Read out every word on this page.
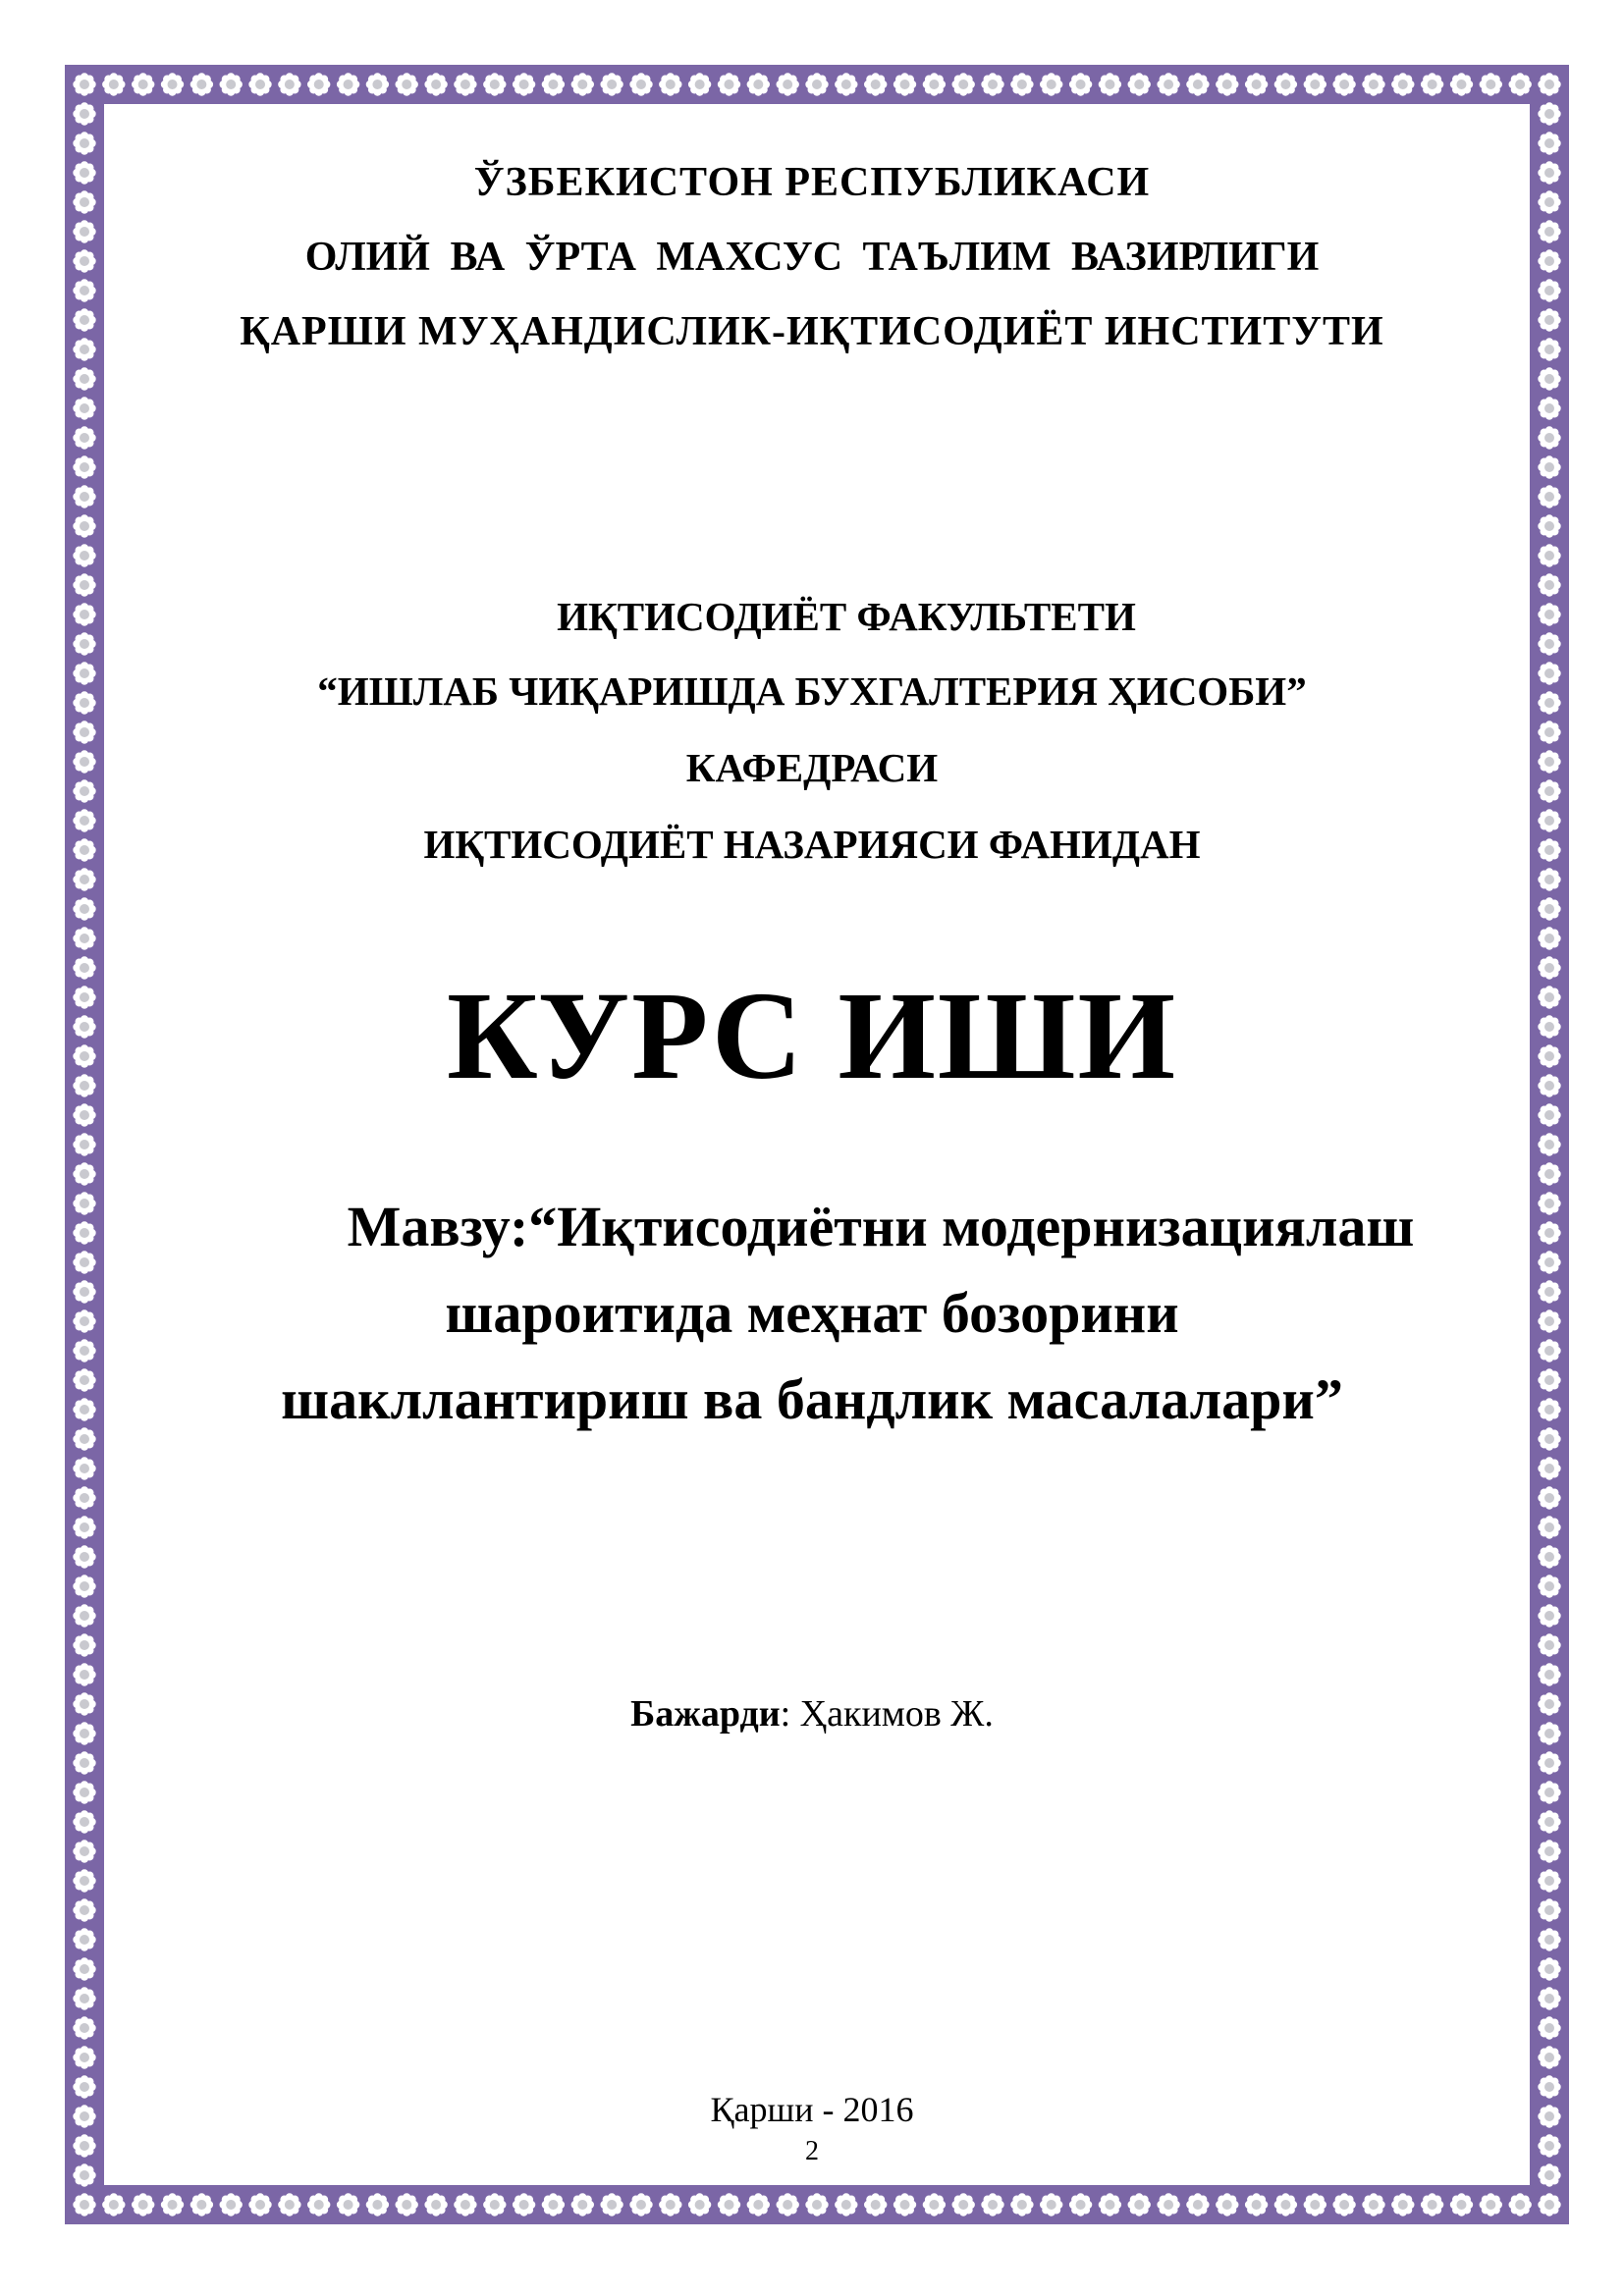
ЎЗБЕКИСТОН РЕСПУБЛИКАСИ
ОЛИЙ ВА ЎРТА МАХСУС ТАЪЛИМ ВАЗИРЛИГИ
ҚАРШИ МУҲАНДИСЛИК-ИҚТИСОДИЁТ ИНСТИТУТИ
ИҚТИСОДИЁТ ФАКУЛЬТЕТИ
“ИШЛАБ ЧИҚАРИШДА БУХГАЛТЕРИЯ ҲИСОБИ”
КАФЕДРАСИ
ИҚТИСОДИЁТ НАЗАРИЯСИ ФАНИДАН
КУРС ИШИ
Мавзу:“Иқтисодиётни модернизациялаш
шароитида меҳнат бозорини
шакллантириш ва бандлик масалалари”
Бажарди: Ҳакимов Ж.
Қарши - 2016
2
